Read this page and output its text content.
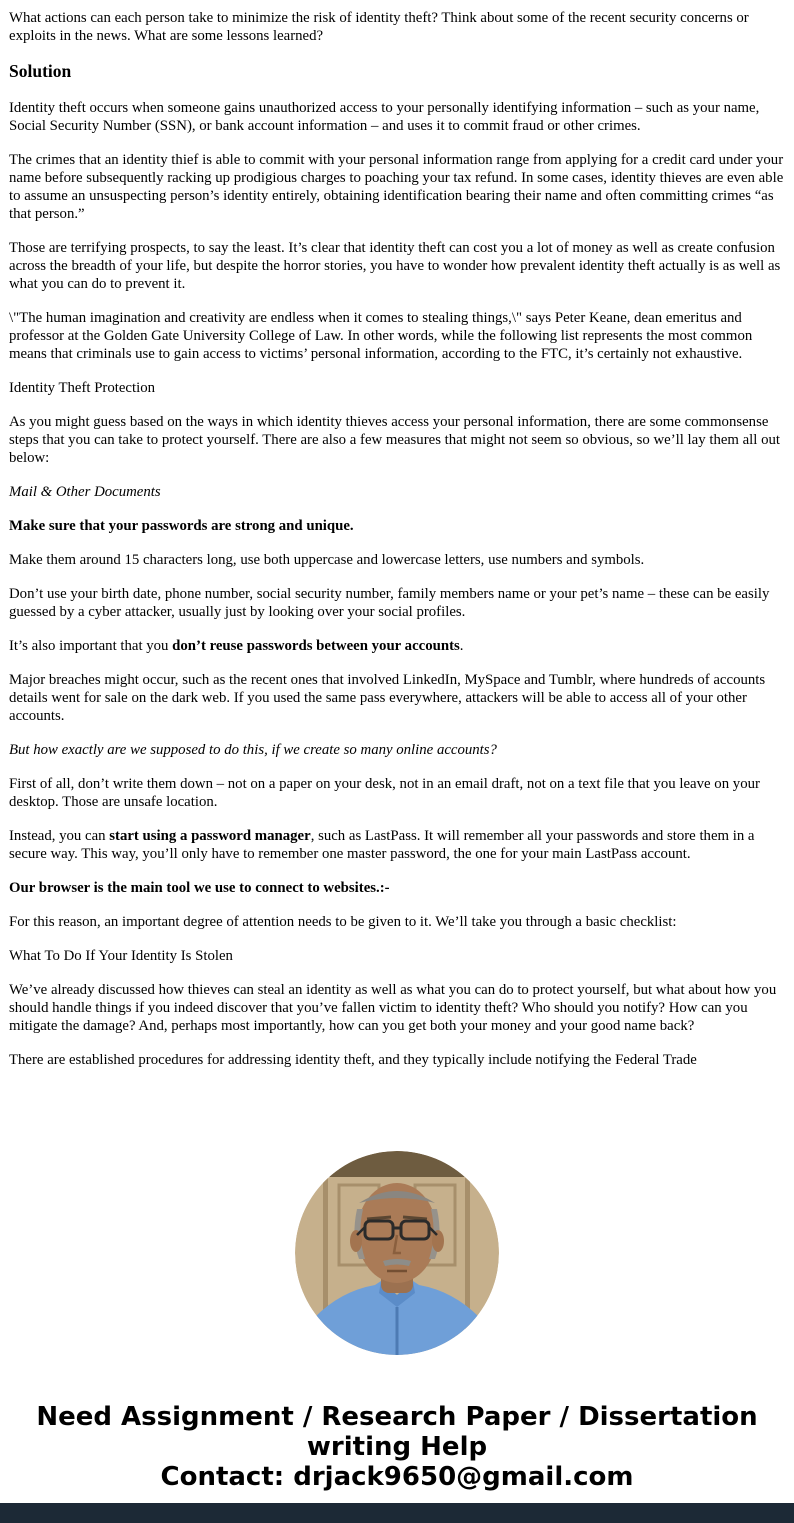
What actions can each person take to minimize the risk of identity theft? Think about some of the recent security concerns or exploits in the news. What are some lessons learned?

Solution

Identity theft occurs when someone gains unauthorized access to your personally identifying information – such as your name, Social Security Number (SSN), or bank account information – and uses it to commit fraud or other crimes.

The crimes that an identity thief is able to commit with your personal information range from applying for a credit card under your name before subsequently racking up prodigious charges to poaching your tax refund. In some cases, identity thieves are even able to assume an unsuspecting person’s identity entirely, obtaining identification bearing their name and often committing crimes “as that person.”

Those are terrifying prospects, to say the least. It’s clear that identity theft can cost you a lot of money as well as create confusion across the breadth of your life, but despite the horror stories, you have to wonder how prevalent identity theft actually is as well as what you can do to prevent it.

\"The human imagination and creativity are endless when it comes to stealing things,\" says Peter Keane, dean emeritus and professor at the Golden Gate University College of Law. In other words, while the following list represents the most common means that criminals use to gain access to victims’ personal information, according to the FTC, it’s certainly not exhaustive.

Identity Theft Protection

As you might guess based on the ways in which identity thieves access your personal information, there are some commonsense steps that you can take to protect yourself. There are also a few measures that might not seem so obvious, so we’ll lay them all out below:

Mail & Other Documents

Make sure that your passwords are strong and unique.

Make them around 15 characters long, use both uppercase and lowercase letters, use numbers and symbols.

Don’t use your birth date, phone number, social security number, family members name or your pet’s name – these can be easily guessed by a cyber attacker, usually just by looking over your social profiles.

It’s also important that you don’t reuse passwords between your accounts.

Major breaches might occur, such as the recent ones that involved LinkedIn, MySpace and Tumblr, where hundreds of accounts details went for sale on the dark web. If you used the same pass everywhere, attackers will be able to access all of your other accounts.

But how exactly are we supposed to do this, if we create so many online accounts?

First of all, don’t write them down – not on a paper on your desk, not in an email draft, not on a text file that you leave on your desktop. Those are unsafe location.

Instead, you can start using a password manager, such as LastPass. It will remember all your passwords and store them in a secure way. This way, you’ll only have to remember one master password, the one for your main LastPass account.

Our browser is the main tool we use to connect to websites.:-

For this reason, an important degree of attention needs to be given to it. We’ll take you through a basic checklist:

What To Do If Your Identity Is Stolen

We’ve already discussed how thieves can steal an identity as well as what you can do to protect yourself, but what about how you should handle things if you indeed discover that you’ve fallen victim to identity theft? Who should you notify? How can you mitigate the damage? And, perhaps most importantly, how can you get both your money and your good name back?

There are established procedures for addressing identity theft, and they typically include notifying the Federal Trade

Need Assignment / Research Paper / Dissertation writing Help
Contact: drjack9650@gmail.com
